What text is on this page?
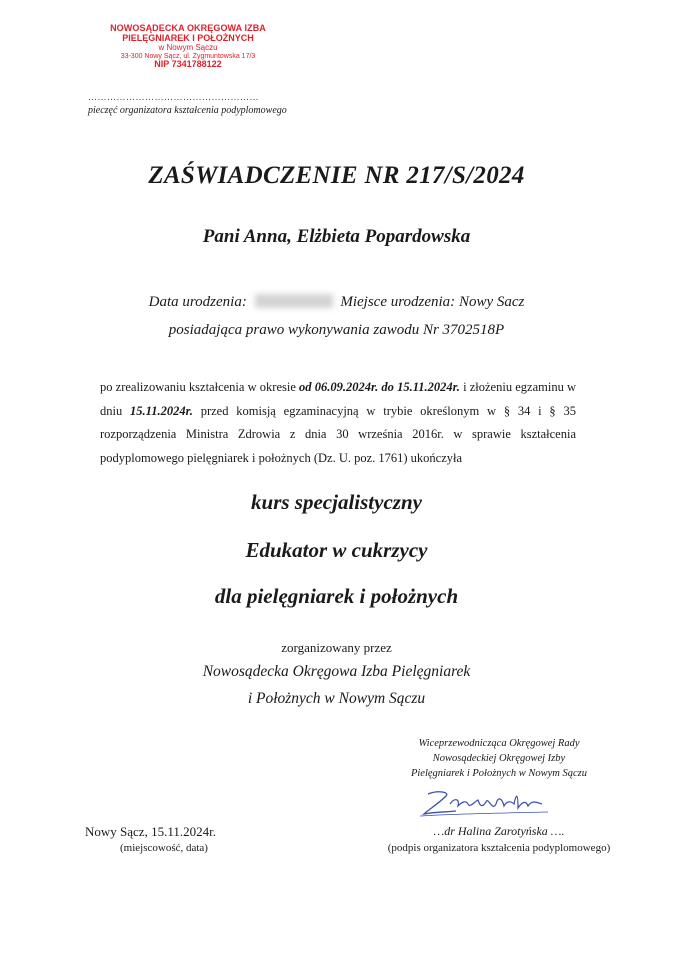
NOWOSĄDECKA OKRĘGOWA IZBA
PIELĘGNIAREK I POŁOŻNYCH
w Nowym Sączu
33-300 Nowy Sącz, ul. Zygmuntowska 17/3
NIP 7341788122
………………………………………………
pieczęć organizatora kształcenia podyplomowego
ZAŚWIADCZENIE NR 217/S/2024
Pani Anna, Elżbieta Popardowska
Data urodzenia:	Miejsce urodzenia: Nowy Sacz
posiadająca prawo wykonywania zawodu Nr 3702518P
po zrealizowaniu kształcenia w okresie od 06.09.2024r. do 15.11.2024r. i złożeniu egzaminu w dniu 15.11.2024r. przed komisją egzaminacyjną w trybie określonym w § 34 i § 35 rozporządzenia Ministra Zdrowia z dnia 30 września 2016r. w sprawie kształcenia podyplomowego pielęgniarek i położnych (Dz. U. poz. 1761) ukończyła
kurs specjalistyczny
Edukator w cukrzycy
dla pielęgniarek i położnych
zorganizowany przez
Nowosądecka Okręgowa Izba Pielęgniarek
i Położnych w Nowym Sączu
Wiceprzewodnicząca Okręgowej Rady
Nowosądeckiej Okręgowej Izby
Pielęgniarek i Położnych w Nowym Sączu
…dr Halina Zarotyńska ….
(podpis organizatora kształcenia podyplomowego)
Nowy Sącz, 15.11.2024r.
(miejscowość, data)
